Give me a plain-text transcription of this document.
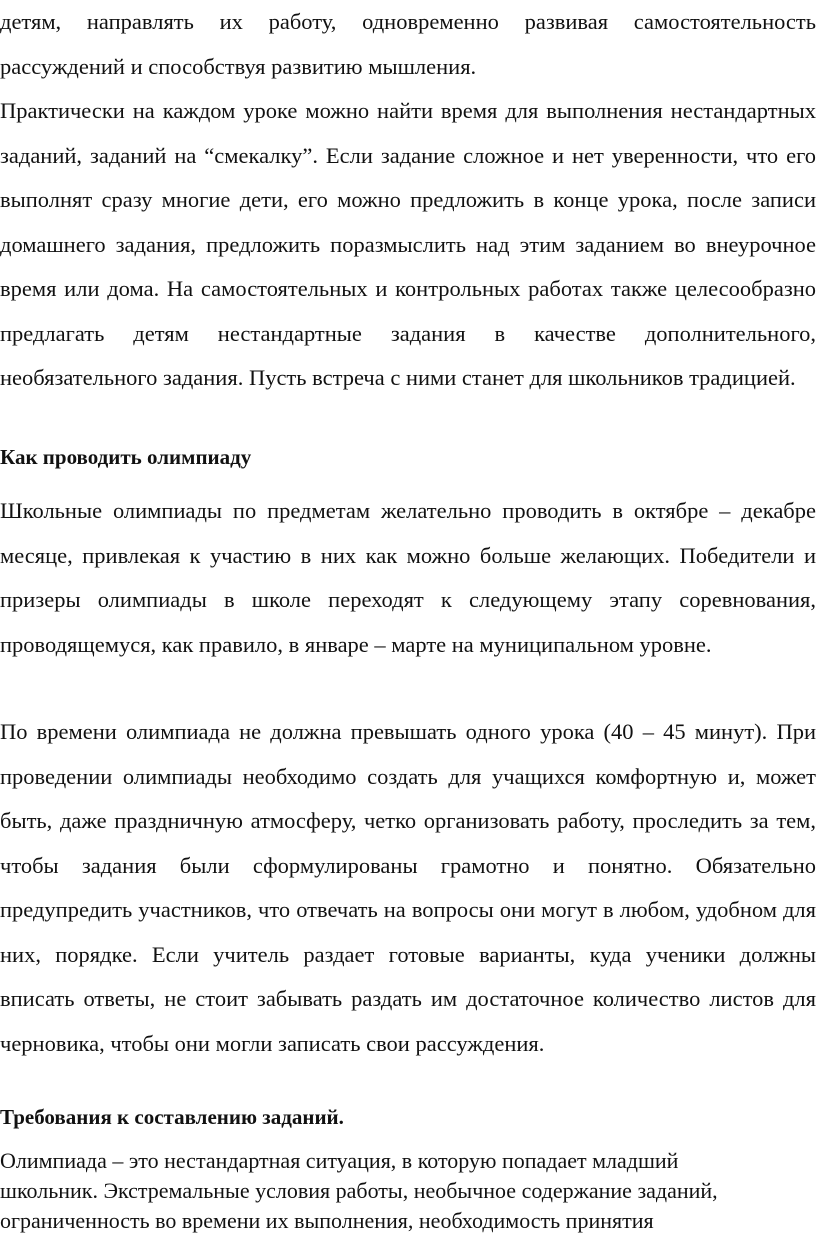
детям, направлять их работу, одновременно развивая самостоятельность рассуждений и способствуя развитию мышления.

Практически на каждом уроке можно найти время для выполнения нестандартных заданий, заданий на “смекалку”. Если задание сложное и нет уверенности, что его выполнят сразу многие дети, его можно предложить в конце урока, после записи домашнего задания, предложить поразмыслить над этим заданием во внеурочное время или дома. На самостоятельных и контрольных работах также целесообразно предлагать детям нестандартные задания в качестве дополнительного, необязательного задания. Пусть встреча с ними станет для школьников традицией.

Как проводить олимпиаду

Школьные олимпиады по предметам желательно проводить в октябре – декабре месяце, привлекая к участию в них как можно больше желающих. Победители и призеры олимпиады в школе переходят к следующему этапу соревнования, проводящемуся, как правило, в январе – марте на муниципальном уровне.

По времени олимпиада не должна превышать одного урока (40 – 45 минут). При проведении олимпиады необходимо создать для учащихся комфортную и, может быть, даже праздничную атмосферу, четко организовать работу, проследить за тем, чтобы задания были сформулированы грамотно и понятно. Обязательно предупредить участников, что отвечать на вопросы они могут в любом, удобном для них, порядке. Если учитель раздает готовые варианты, куда ученики должны вписать ответы, не стоит забывать раздать им достаточное количество листов для черновика, чтобы они могли записать свои рассуждения.

Требования к составлению заданий.

Олимпиада – это нестандартная ситуация, в которую попадает младший

школьник. Экстремальные условия работы, необычное содержание заданий,

ограниченность во времени их выполнения, необходимость принятия
